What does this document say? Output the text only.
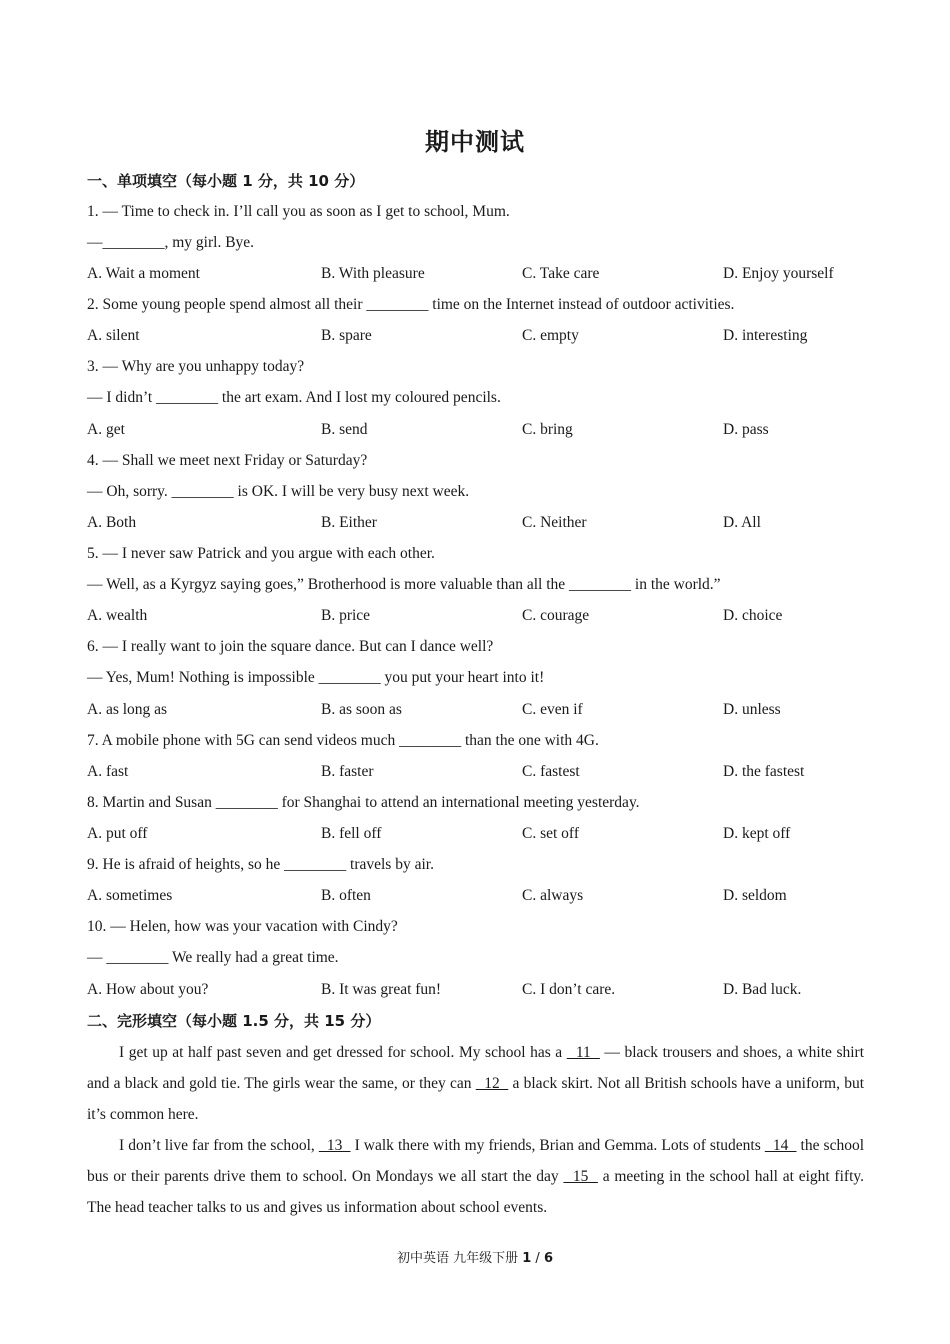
期中测试
一、单项填空（每小题 1 分，共 10 分）
1. — Time to check in. I’ll call you as soon as I get to school, Mum.
—________, my girl. Bye.
A. Wait a moment	B. With pleasure	C. Take care	D. Enjoy yourself
2. Some young people spend almost all their ________ time on the Internet instead of outdoor activities.
A. silent	B. spare	C. empty	D. interesting
3. — Why are you unhappy today?
— I didn’t ________ the art exam. And I lost my coloured pencils.
A. get	B. send	C. bring	D. pass
4. — Shall we meet next Friday or Saturday?
— Oh, sorry. ________ is OK. I will be very busy next week.
A. Both	B. Either	C. Neither	D. All
5. — I never saw Patrick and you argue with each other.
— Well, as a Kyrgyz saying goes,” Brotherhood is more valuable than all the ________ in the world.”
A. wealth	B. price	C. courage	D. choice
6. — I really want to join the square dance. But can I dance well?
— Yes, Mum! Nothing is impossible ________ you put your heart into it!
A. as long as	B. as soon as	C. even if	D. unless
7. A mobile phone with 5G can send videos much ________ than the one with 4G.
A. fast	B. faster	C. fastest	D. the fastest
8. Martin and Susan ________ for Shanghai to attend an international meeting yesterday.
A. put off	B. fell off	C. set off	D. kept off
9. He is afraid of heights, so he ________ travels by air.
A. sometimes	B. often	C. always	D. seldom
10. — Helen, how was your vacation with Cindy?
— ________ We really had a great time.
A. How about you?	B. It was great fun!	C. I don’t care.	D. Bad luck.
二、完形填空（每小题 1.5 分，共 15 分）

I get up at half past seven and get dressed for school. My school has a   11   — black trousers and shoes, a white shirt and a black and gold tie. The girls wear the same, or they can   12   a black skirt. Not all British schools have a uniform, but it’s common here.

I don’t live far from the school,   13   I walk there with my friends, Brian and Gemma. Lots of students   14   the school bus or their parents drive them to school. On Mondays we all start the day   15   a meeting in the school hall at eight fifty. The head teacher talks to us and gives us information about school events.

初中英语 九年级下册 1 / 6
